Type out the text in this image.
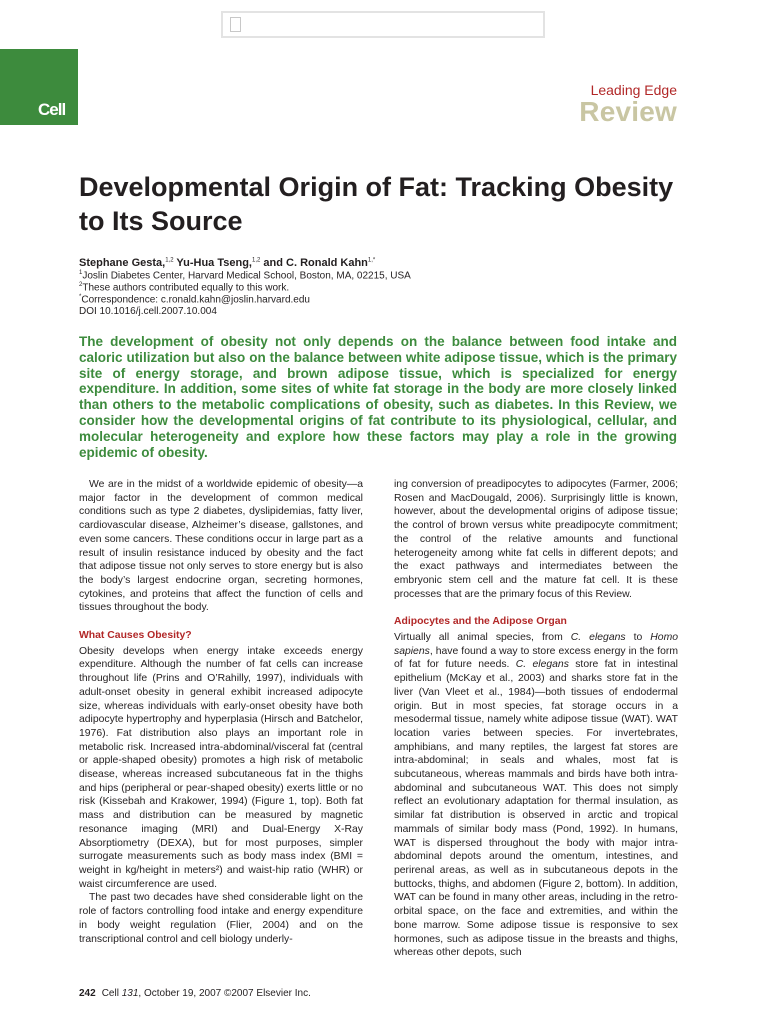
Cell
Leading Edge
Review
Developmental Origin of Fat: Tracking Obesity to Its Source
Stephane Gesta,$^{1,2}$ Yu-Hua Tseng,$^{1,2}$ and C. Ronald Kahn$^{1,*}$
$^1$Joslin Diabetes Center, Harvard Medical School, Boston, MA, 02215, USA
$^2$These authors contributed equally to this work.
*Correspondence: c.ronald.kahn@joslin.harvard.edu
DOI 10.1016/j.cell.2007.10.004

The development of obesity not only depends on the balance between food intake and caloric utilization but also on the balance between white adipose tissue, which is the primary site of energy storage, and brown adipose tissue, which is specialized for energy expenditure. In addition, some sites of white fat storage in the body are more closely linked than others to the metabolic complications of obesity, such as diabetes. In this Review, we consider how the developmental origins of fat contribute to its physiological, cellular, and molecular heterogeneity and explore how these factors may play a role in the growing epidemic of obesity.

We are in the midst of a worldwide epidemic of obesity—a major factor in the development of common medical conditions such as type 2 diabetes, dyslipidemias, fatty liver, cardiovascular disease, Alzheimer’s disease, gallstones, and even some cancers. These conditions occur in large part as a result of insulin resistance induced by obesity and the fact that adipose tissue not only serves to store energy but is also the body’s largest endocrine organ, secreting hormones, cytokines, and proteins that affect the function of cells and tissues throughout the body.

What Causes Obesity?

Obesity develops when energy intake exceeds energy expenditure. Although the number of fat cells can increase throughout life (Prins and O’Rahilly, 1997), individuals with adult-onset obesity in general exhibit increased adipocyte size, whereas individuals with early-onset obesity have both adipocyte hypertrophy and hyperplasia (Hirsch and Batchelor, 1976). Fat distribution also plays an important role in metabolic risk. Increased intra-abdominal/visceral fat (central or apple-shaped obesity) promotes a high risk of metabolic disease, whereas increased subcutaneous fat in the thighs and hips (peripheral or pear-shaped obesity) exerts little or no risk (Kissebah and Krakower, 1994) (Figure 1, top). Both fat mass and distribution can be measured by magnetic resonance imaging (MRI) and Dual-Energy X-Ray Absorptiometry (DEXA), but for most purposes, simpler surrogate measurements such as body mass index (BMI = weight in kg/height in meters²) and waist-hip ratio (WHR) or waist circumference are used.

The past two decades have shed considerable light on the role of factors controlling food intake and energy expenditure in body weight regulation (Flier, 2004) and on the transcriptional control and cell biology underly-

ing conversion of preadipocytes to adipocytes (Farmer, 2006; Rosen and MacDougald, 2006). Surprisingly little is known, however, about the developmental origins of adipose tissue; the control of brown versus white preadipocyte commitment; the control of the relative amounts and functional heterogeneity among white fat cells in different depots; and the exact pathways and intermediates between the embryonic stem cell and the mature fat cell. It is these processes that are the primary focus of this Review.

Adipocytes and the Adipose Organ

Virtually all animal species, from C. elegans to Homo sapiens, have found a way to store excess energy in the form of fat for future needs. C. elegans store fat in intestinal epithelium (McKay et al., 2003) and sharks store fat in the liver (Van Vleet et al., 1984)—both tissues of endodermal origin. But in most species, fat storage occurs in a mesodermal tissue, namely white adipose tissue (WAT). WAT location varies between species. For invertebrates, amphibians, and many reptiles, the largest fat stores are intra-abdominal; in seals and whales, most fat is subcutaneous, whereas mammals and birds have both intra-abdominal and subcutaneous WAT. This does not simply reflect an evolutionary adaptation for thermal insulation, as similar fat distribution is observed in arctic and tropical mammals of similar body mass (Pond, 1992). In humans, WAT is dispersed throughout the body with major intra-abdominal depots around the omentum, intestines, and perirenal areas, as well as in subcutaneous depots in the buttocks, thighs, and abdomen (Figure 2, bottom). In addition, WAT can be found in many other areas, including in the retro-orbital space, on the face and extremities, and within the bone marrow. Some adipose tissue is responsive to sex hormones, such as adipose tissue in the breasts and thighs, whereas other depots, such

242 Cell 131, October 19, 2007 ©2007 Elsevier Inc.
